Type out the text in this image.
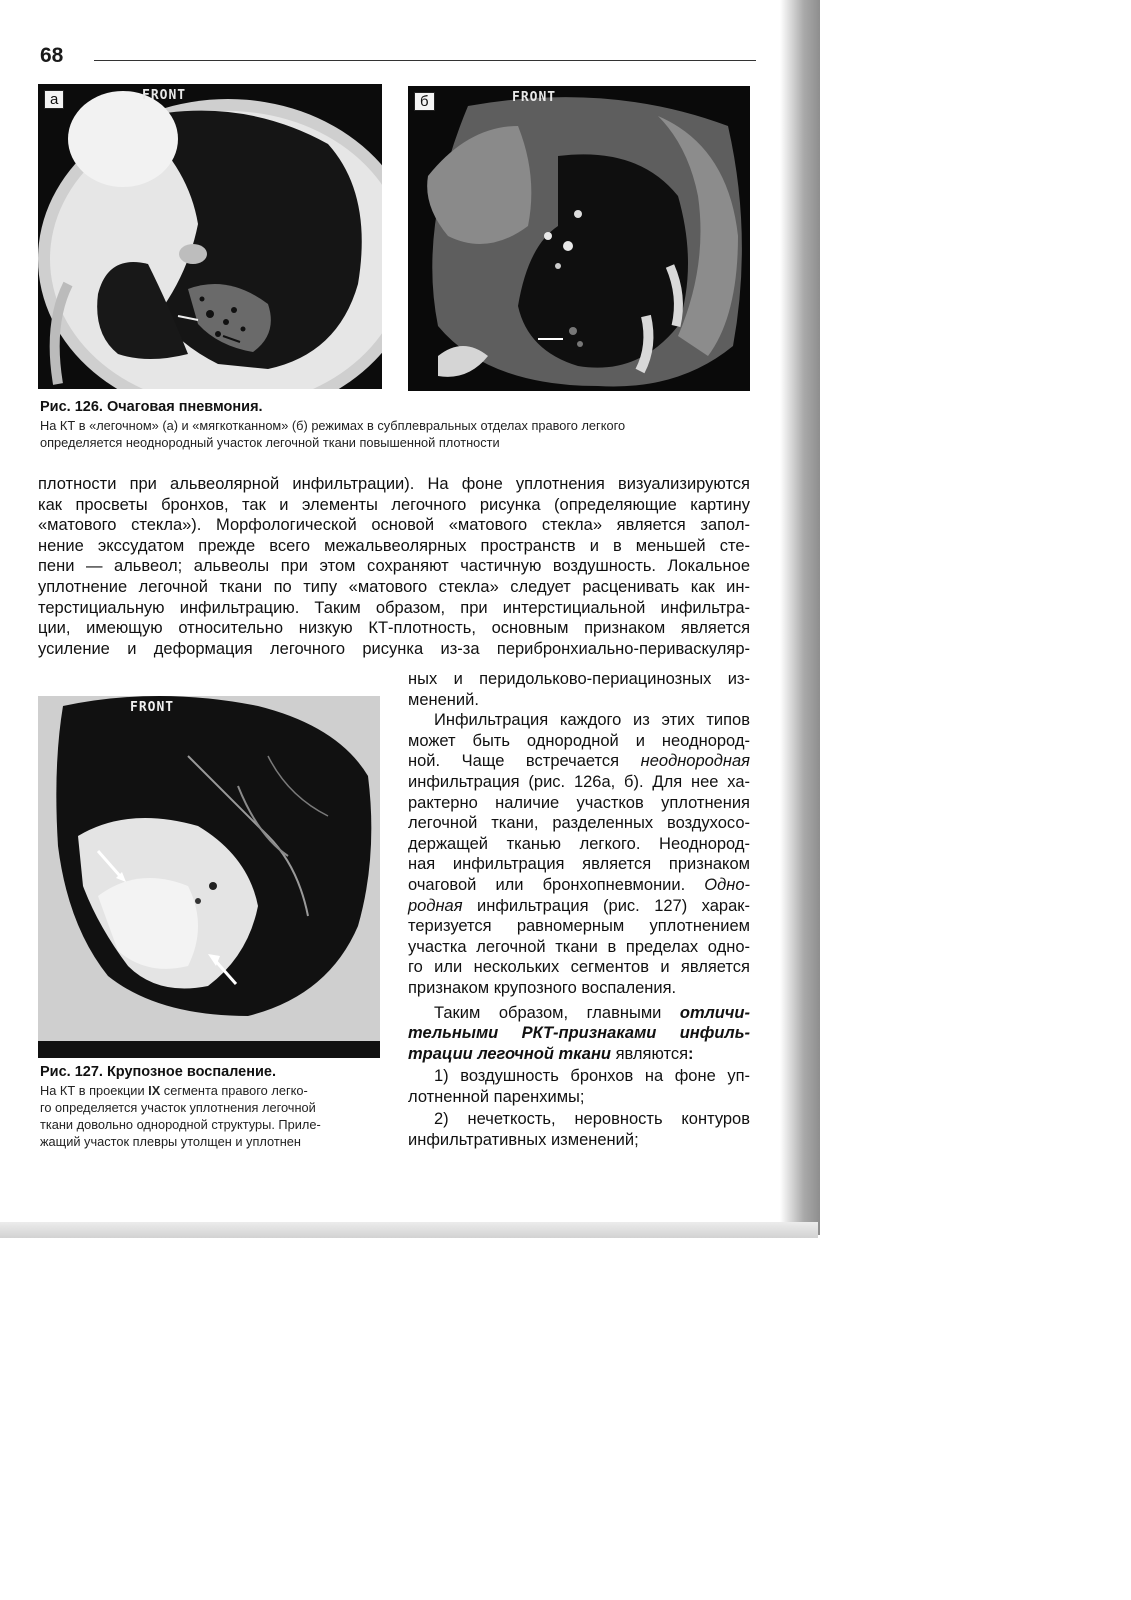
68
а	FRONT	б	FRONT
Рис. 126. Очаговая пневмония.
На КТ в «легочном» (а) и «мягкотканном» (б) режимах в субплевральных отделах правого легкого
определяется неоднородный участок легочной ткани повышенной плотности

плотности при альвеолярной инфильтрации). На фоне уплотнения визуализируются

как просветы бронхов, так и элементы легочного рисунка (определяющие картину

«матового стекла»). Морфологической основой «матового стекла» является запол-

нение экссудатом прежде всего межальвеолярных пространств и в меньшей сте-

пени — альвеол; альвеолы при этом сохраняют частичную воздушность. Локальное

уплотнение легочной ткани по типу «матового стекла» следует расценивать как ин-

терстициальную инфильтрацию. Таким образом, при интерстициальной инфильтра-

ции, имеющую относительно низкую КТ-плотность, основным признаком является

усиление и деформация легочного рисунка из-за перибронхиально-периваскуляр-

FRONT
Рис. 127. Крупозное воспаление.
На КТ в проекции IX сегмента правого легко-
го определяется участок уплотнения легочной
ткани довольно однородной структуры. Приле-
жащий участок плевры утолщен и уплотнен

ных и перидольково-периацинозных из-

менений.

Инфильтрация каждого из этих типов

может быть однородной и неоднород-

ной. Чаще встречается неоднородная

инфильтрация (рис. 126а, б). Для нее ха-

рактерно наличие участков уплотнения

легочной ткани, разделенных воздухосо-

держащей тканью легкого. Неоднород-

ная инфильтрация является признаком

очаговой или бронхопневмонии. Одно-

родная инфильтрация (рис. 127) харак-

теризуется равномерным уплотнением

участка легочной ткани в пределах одно-

го или нескольких сегментов и является

признаком крупозного воспаления.

Таким образом, главными отличи-

тельными РКТ-признаками инфиль-

трации легочной ткани являются:

1) воздушность бронхов на фоне уп-

лотненной паренхимы;

2) нечеткость, неровность контуров

инфильтративных изменений;
